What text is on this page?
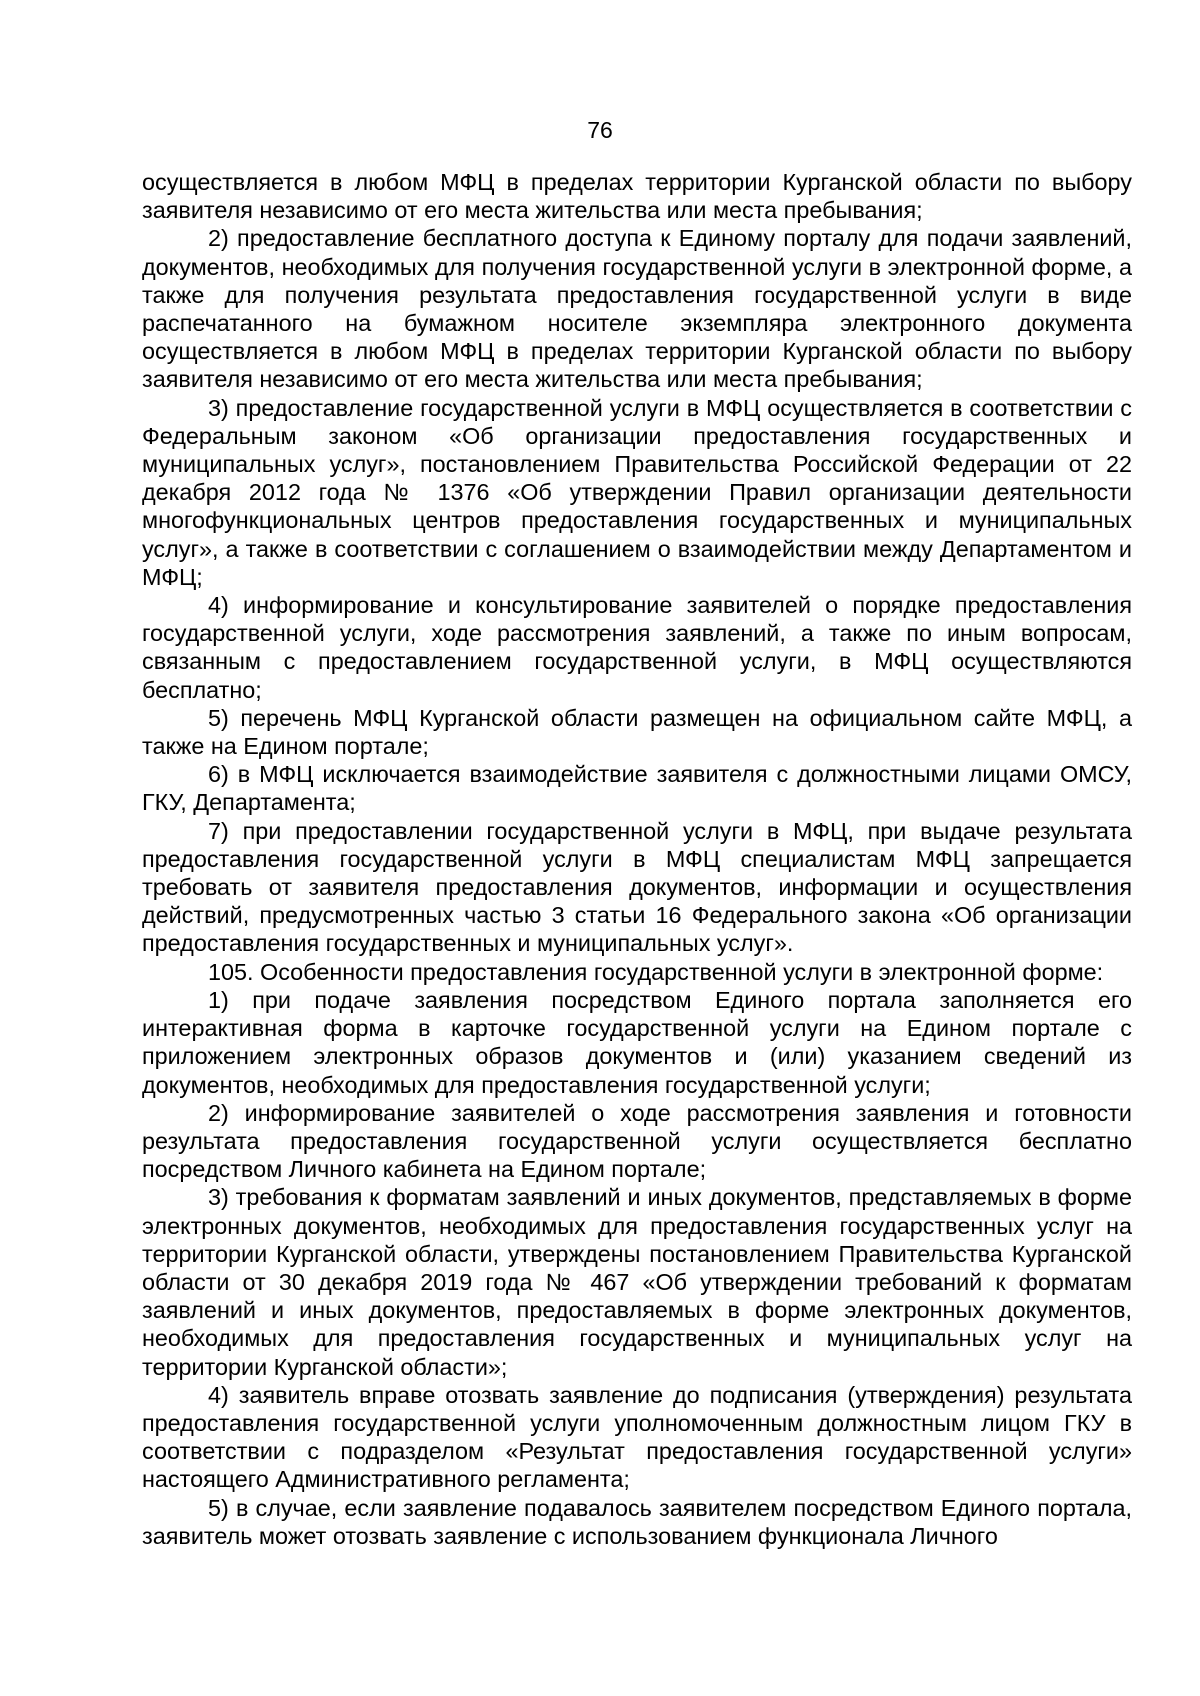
76

осуществляется в любом МФЦ в пределах территории Курганской области по выбору заявителя независимо от его места жительства или места пребывания;

2) предоставление бесплатного доступа к Единому порталу для подачи заявлений, документов, необходимых для получения государственной услуги в электронной форме, а также для получения результата предоставления государственной услуги в виде распечатанного на бумажном носителе экземпляра электронного документа осуществляется в любом МФЦ в пределах территории Курганской области по выбору заявителя независимо от его места жительства или места пребывания;

3) предоставление государственной услуги в МФЦ осуществляется в соответствии с Федеральным законом «Об организации предоставления государственных и муниципальных услуг», постановлением Правительства Российской Федерации от 22 декабря 2012 года № 1376 «Об утверждении Правил организации деятельности многофункциональных центров предоставления государственных и муниципальных услуг», а также в соответствии с соглашением о взаимодействии между Департаментом и МФЦ;

4) информирование и консультирование заявителей о порядке предоставления государственной услуги, ходе рассмотрения заявлений, а также по иным вопросам, связанным с предоставлением государственной услуги, в МФЦ осуществляются бесплатно;

5) перечень МФЦ Курганской области размещен на официальном сайте МФЦ, а также на Едином портале;

6) в МФЦ исключается взаимодействие заявителя с должностными лицами ОМСУ, ГКУ, Департамента;

7) при предоставлении государственной услуги в МФЦ, при выдаче результата предоставления государственной услуги в МФЦ специалистам МФЦ запрещается требовать от заявителя предоставления документов, информации и осуществления действий, предусмотренных частью 3 статьи 16 Федерального закона «Об организации предоставления государственных и муниципальных услуг».

105. Особенности предоставления государственной услуги в электронной форме:

1) при подаче заявления посредством Единого портала заполняется его интерактивная форма в карточке государственной услуги на Едином портале с приложением электронных образов документов и (или) указанием сведений из документов, необходимых для предоставления государственной услуги;

2) информирование заявителей о ходе рассмотрения заявления и готовности результата предоставления государственной услуги осуществляется бесплатно посредством Личного кабинета на Едином портале;

3) требования к форматам заявлений и иных документов, представляемых в форме электронных документов, необходимых для предоставления государственных услуг на территории Курганской области, утверждены постановлением Правительства Курганской области от 30 декабря 2019 года № 467 «Об утверждении требований к форматам заявлений и иных документов, предоставляемых в форме электронных документов, необходимых для предоставления государственных и муниципальных услуг на территории Курганской области»;

4) заявитель вправе отозвать заявление до подписания (утверждения) результата предоставления государственной услуги уполномоченным должностным лицом ГКУ в соответствии с подразделом «Результат предоставления государственной услуги» настоящего Административного регламента;

5) в случае, если заявление подавалось заявителем посредством Единого портала, заявитель может отозвать заявление с использованием функционала Личного
